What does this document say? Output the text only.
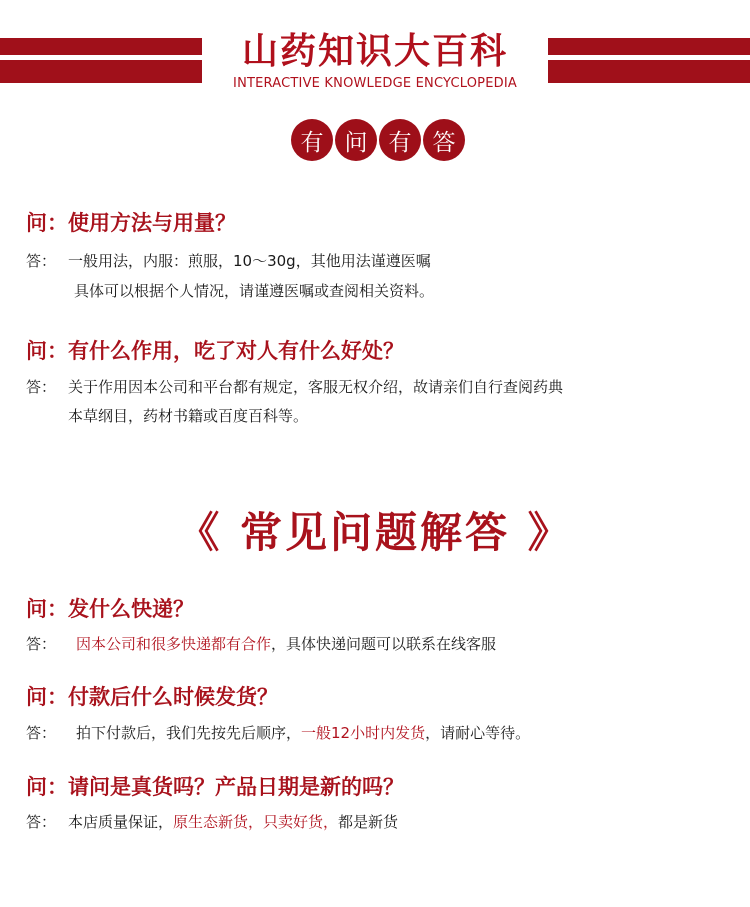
山药知识大百科
INTERACTIVE KNOWLEDGE ENCYCLOPEDIA
有 问 有 答
问：使用方法与用量？
答： 一般用法，内服：煎服，10～30g，其他用法谨遵医嘱
具体可以根据个人情况，请谨遵医嘱或查阅相关资料。
问：有什么作用，吃了对人有什么好处？
答： 关于作用因本公司和平台都有规定，客服无权介绍，故请亲们自行查阅药典
本草纲目，药材书籍或百度百科等。
《 常见问题解答 》
问：发什么快递？
答： 因本公司和很多快递都有合作，具体快递问题可以联系在线客服
问：付款后什么时候发货？
答： 拍下付款后，我们先按先后顺序，一般12小时内发货，请耐心等待。
问：请问是真货吗？产品日期是新的吗？
答： 本店质量保证，原生态新货，只卖好货，都是新货
